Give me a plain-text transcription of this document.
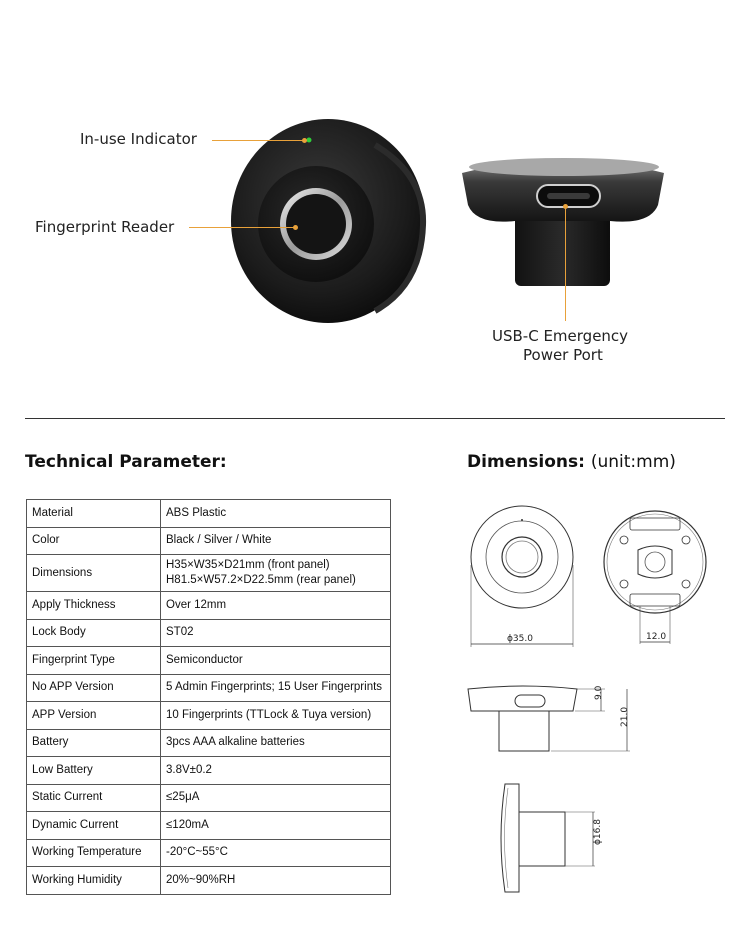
In-use Indicator
Fingerprint Reader
USB-C Emergency
Power Port
Technical Parameter:
Material	ABS Plastic
Color	Black / Silver / White
Dimensions	H35×W35×D21mm (front panel)
H81.5×W57.2×D22.5mm (rear panel)

Apply Thickness	Over 12mm
Lock Body	ST02
Fingerprint Type	Semiconductor
No APP Version	5 Admin Fingerprints; 15 User Fingerprints
APP Version	10 Fingerprints (TTLock & Tuya version)
Battery	3pcs AAA alkaline batteries
Low Battery	3.8V±0.2
Static Current	≤25μA
Dynamic Current	≤120mA
Working Temperature	-20°C~55°C
Working Humidity	20%~90%RH
Dimensions: (unit:mm)
ϕ35.0	12.0
9.0
21.0
ϕ16.8
